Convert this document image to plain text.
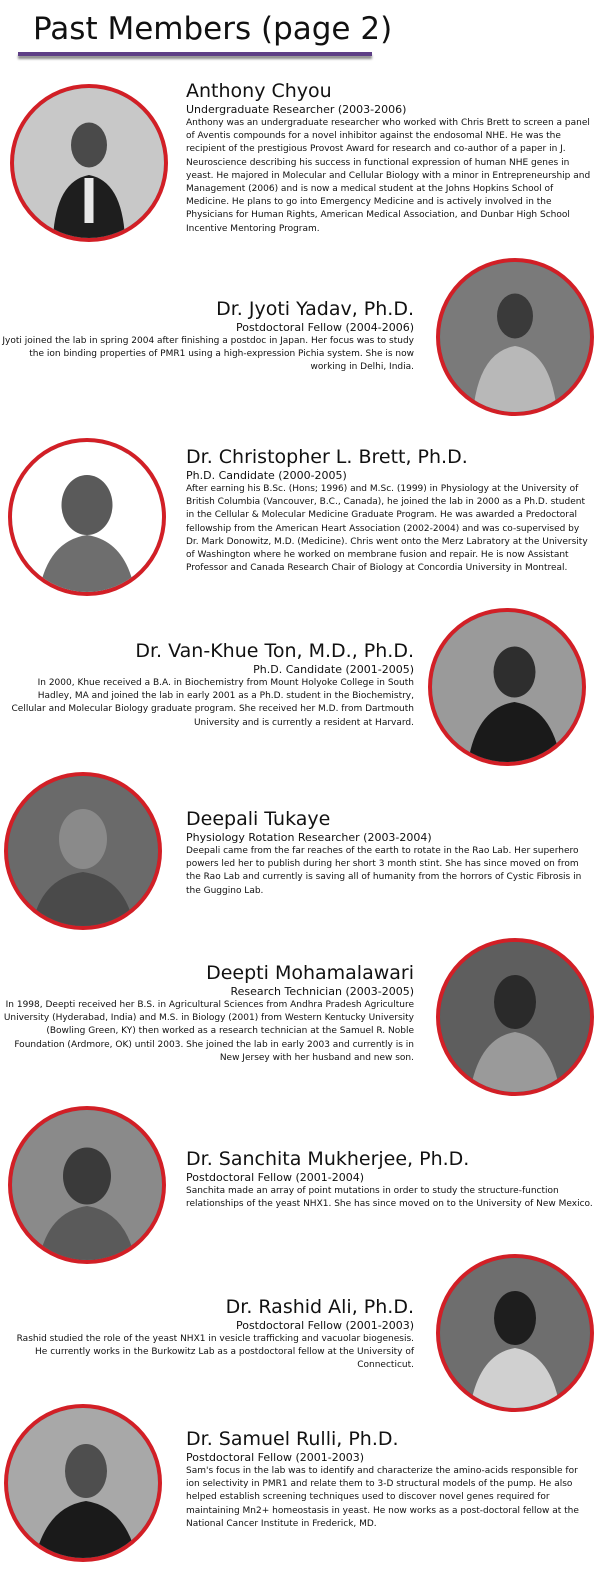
Past Members (page 2)

Anthony Chyou

Undergraduate Researcher (2003-2006)

Anthony was an undergraduate researcher who worked with Chris Brett to screen a panel of Aventis compounds for a novel inhibitor against the endosomal NHE. He was the recipient of the prestigious Provost Award for research and co-author of a paper in J. Neuroscience describing his success in functional expression of human NHE genes in yeast. He majored in Molecular and Cellular Biology with a minor in Entrepreneurship and Management (2006) and is now a medical student at the Johns Hopkins School of Medicine. He plans to go into Emergency Medicine and is actively involved in the Physicians for Human Rights, American Medical Association, and Dunbar High School Incentive Mentoring Program.

Dr. Jyoti Yadav, Ph.D.

Postdoctoral Fellow (2004-2006)

Jyoti joined the lab in spring 2004 after finishing a postdoc in Japan. Her focus was to study the ion binding properties of PMR1 using a high-expression Pichia system. She is now working in Delhi, India.

Dr. Christopher L. Brett, Ph.D.

Ph.D. Candidate (2000-2005)

After earning his B.Sc. (Hons; 1996) and M.Sc. (1999) in Physiology at the University of British Columbia (Vancouver, B.C., Canada), he joined the lab in 2000 as a Ph.D. student in the Cellular & Molecular Medicine Graduate Program. He was awarded a Predoctoral fellowship from the American Heart Association (2002-2004) and was co-supervised by Dr. Mark Donowitz, M.D. (Medicine). Chris went onto the Merz Labratory at the University of Washington where he worked on membrane fusion and repair. He is now Assistant Professor and Canada Research Chair of Biology at Concordia University in Montreal.

Dr. Van-Khue Ton, M.D., Ph.D.

Ph.D. Candidate (2001-2005)

In 2000, Khue received a B.A. in Biochemistry from Mount Holyoke College in South Hadley, MA and joined the lab in early 2001 as a Ph.D. student in the Biochemistry, Cellular and Molecular Biology graduate program. She received her M.D. from Dartmouth University and is currently a resident at Harvard.

Deepali Tukaye

Physiology Rotation Researcher (2003-2004)

Deepali came from the far reaches of the earth to rotate in the Rao Lab. Her superhero powers led her to publish during her short 3 month stint. She has since moved on from the Rao Lab and currently is saving all of humanity from the horrors of Cystic Fibrosis in the Guggino Lab.

Deepti Mohamalawari

Research Technician (2003-2005)

In 1998, Deepti received her B.S. in Agricultural Sciences from Andhra Pradesh Agriculture University (Hyderabad, India) and M.S. in Biology (2001) from Western Kentucky University (Bowling Green, KY) then worked as a research technician at the Samuel R. Noble Foundation (Ardmore, OK) until 2003. She joined the lab in early 2003 and currently is in New Jersey with her husband and new son.

Dr. Sanchita Mukherjee, Ph.D.

Postdoctoral Fellow (2001-2004)

Sanchita made an array of point mutations in order to study the structure-function relationships of the yeast NHX1. She has since moved on to the University of New Mexico.

Dr. Rashid Ali, Ph.D.

Postdoctoral Fellow (2001-2003)

Rashid studied the role of the yeast NHX1 in vesicle trafficking and vacuolar biogenesis. He currently works in the Burkowitz Lab as a postdoctoral fellow at the University of Connecticut.

Dr. Samuel Rulli, Ph.D.

Postdoctoral Fellow (2001-2003)

Sam's focus in the lab was to identify and characterize the amino-acids responsible for ion selectivity in PMR1 and relate them to 3-D structural models of the pump. He also helped establish screening techniques used to discover novel genes required for maintaining Mn2+ homeostasis in yeast. He now works as a post-doctoral fellow at the National Cancer Institute in Frederick, MD.
